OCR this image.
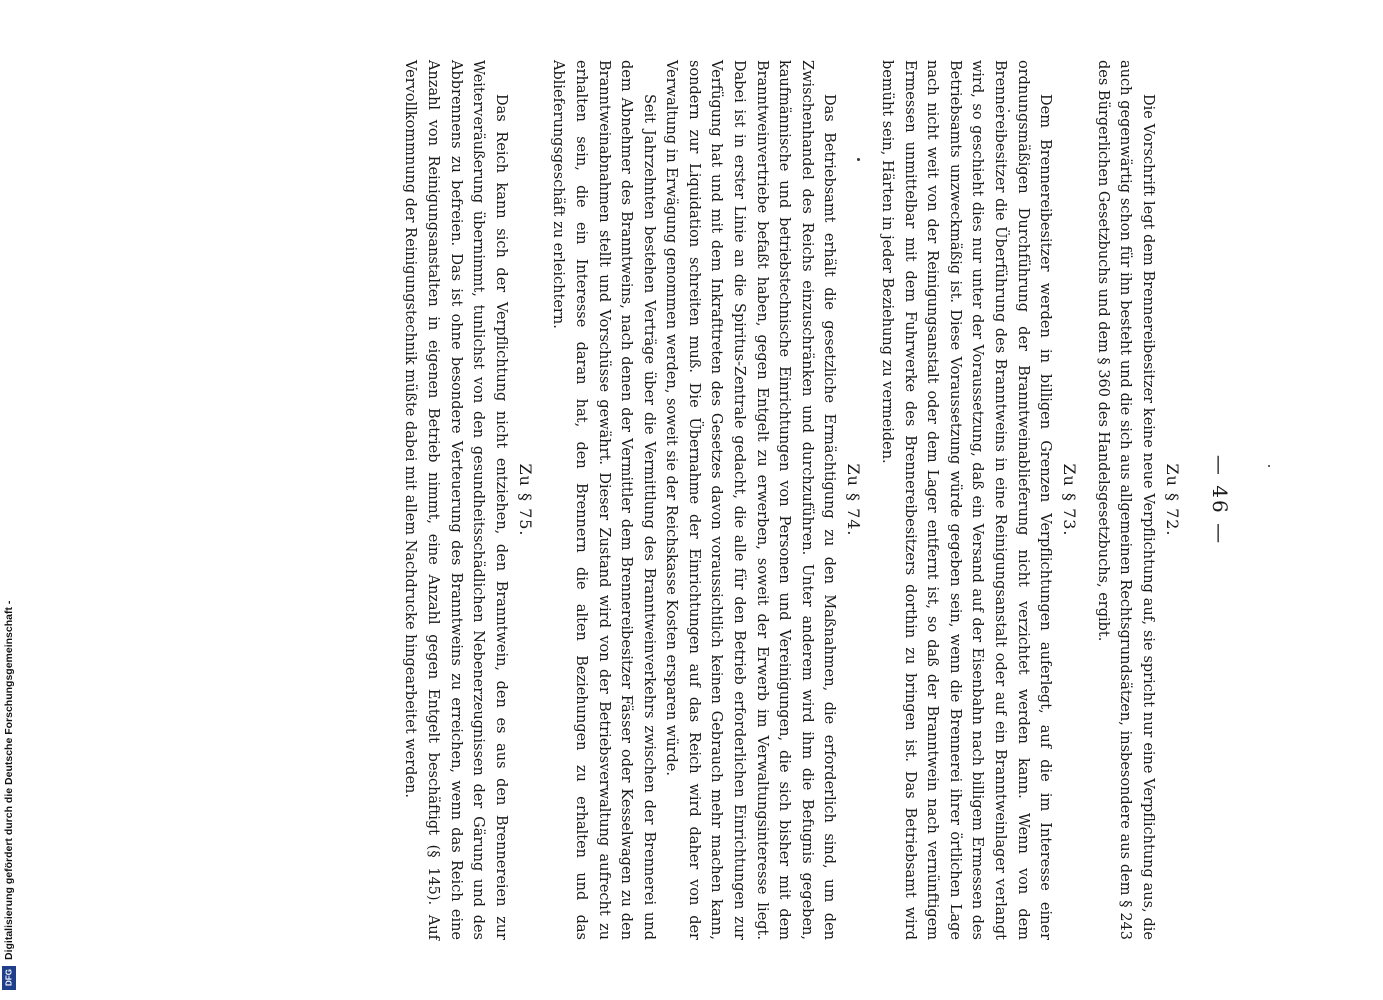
— 46 —
Zu § 72.

Die Vorschrift legt dem Brennereibesitzer keine neue Verpflichtung auf, sie spricht nur eine Verpflichtung aus, die auch gegenwärtig schon für ihn besteht und die sich aus allgemeinen Rechtsgrundsätzen, insbesondere aus dem § 243 des Bürgerlichen Gesetzbuchs und dem § 360 des Handelsgesetzbuchs, ergibt.

Zu § 73.

Dem Brennereibesitzer werden in billigen Grenzen Verpflichtungen auferlegt, auf die im Interesse einer ordnungsmäßigen Durchführung der Branntweinablieferung nicht verzichtet werden kann. Wenn von dem Brennereibesitzer die Überführung des Branntweins in eine Reinigungsanstalt oder auf ein Branntweinlager verlangt wird, so geschieht dies nur unter der Voraussetzung, daß ein Versand auf der Eisenbahn nach billigem Ermessen des Betriebsamts unzweckmäßig ist. Diese Voraussetzung würde gegeben sein, wenn die Brennerei ihrer örtlichen Lage nach nicht weit von der Reinigungsanstalt oder dem Lager entfernt ist, so daß der Branntwein nach vernünftigem Ermessen unmittelbar mit dem Fuhrwerke des Brennereibesitzers dorthin zu bringen ist. Das Betriebsamt wird bemüht sein, Härten in jeder Beziehung zu vermeiden.

Zu § 74.

Das Betriebsamt erhält die gesetzliche Ermächtigung zu den Maßnahmen, die erforderlich sind, um den Zwischenhandel des Reichs einzuschränken und durchzuführen. Unter anderem wird ihm die Befugnis gegeben, kaufmännische und betriebstechnische Einrichtungen von Personen und Vereinigungen, die sich bisher mit dem Branntweinvertriebe befaßt haben, gegen Entgelt zu erwerben, soweit der Erwerb im Verwaltungsinteresse liegt. Dabei ist in erster Linie an die Spiritus-Zentrale gedacht, die alle für den Betrieb erforderlichen Einrichtungen zur Verfügung hat und mit dem Inkrafttreten des Gesetzes davon voraussichtlich keinen Gebrauch mehr machen kann, sondern zur Liquidation schreiten muß. Die Übernahme der Einrichtungen auf das Reich wird daher von der Verwaltung in Erwägung genommen werden, soweit sie der Reichskasse Kosten ersparen würde.

Seit Jahrzehnten bestehen Verträge über die Vermittlung des Branntweinverkehrs zwischen der Brennerei und dem Abnehmer des Branntweins, nach denen der Vermittler dem Brennereibesitzer Fässer oder Kesselwagen zu den Branntweinabnahmen stellt und Vorschüsse gewährt. Dieser Zustand wird von der Betriebsverwaltung aufrecht zu erhalten sein, die ein Interesse daran hat, den Brennern die alten Beziehungen zu erhalten und das Ablieferungsgeschäft zu erleichtern.

Zu § 75.

Das Reich kann sich der Verpflichtung nicht entziehen, den Branntwein, den es aus den Brennereien zur Weiterveräußerung übernimmt, tunlichst von den gesundheitsschädlichen Nebenerzeugnissen der Gärung und des Abbrennens zu befreien. Das ist ohne besondere Verteuerung des Branntweins zu erreichen, wenn das Reich eine Anzahl von Reinigungsanstalten in eigenen Betrieb nimmt, eine Anzahl gegen Entgelt beschäftigt (§ 145). Auf Vervollkommnung der Reinigungstechnik müßte dabei mit allem Nachdrucke hingearbeitet werden.

Digitalisierung gefördert durch die Deutsche Forschungsgemeinschaft -
DFG
